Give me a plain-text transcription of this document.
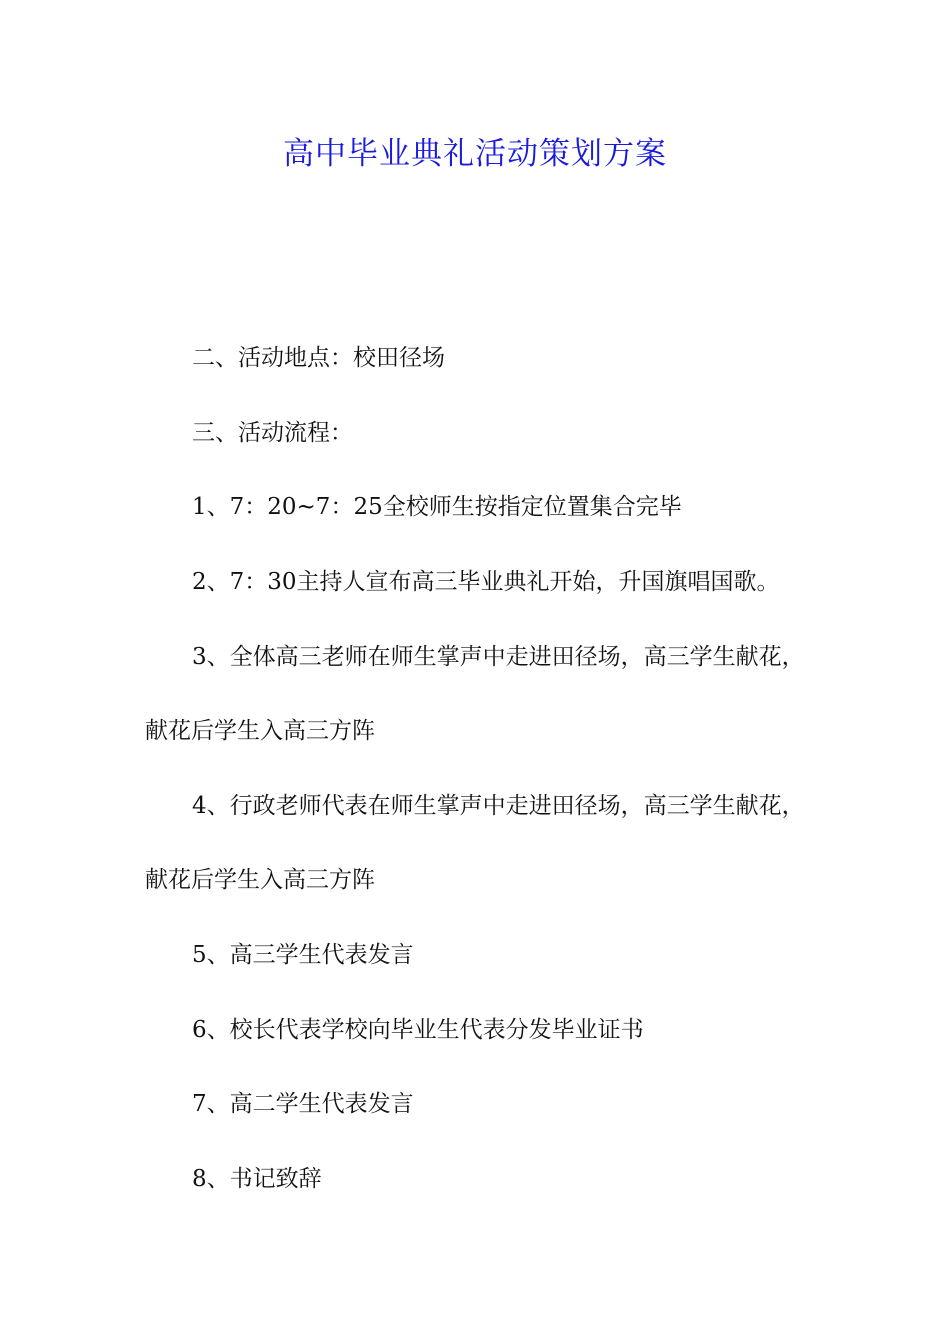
高中毕业典礼活动策划方案

二、活动地点：校田径场

三、活动流程：

1、7：20~7：25全校师生按指定位置集合完毕

2、7：30主持人宣布高三毕业典礼开始，升国旗唱国歌。

3、全体高三老师在师生掌声中走进田径场，高三学生献花，

献花后学生入高三方阵

4、行政老师代表在师生掌声中走进田径场，高三学生献花，

献花后学生入高三方阵

5、高三学生代表发言

6、校长代表学校向毕业生代表分发毕业证书

7、高二学生代表发言

8、书记致辞
